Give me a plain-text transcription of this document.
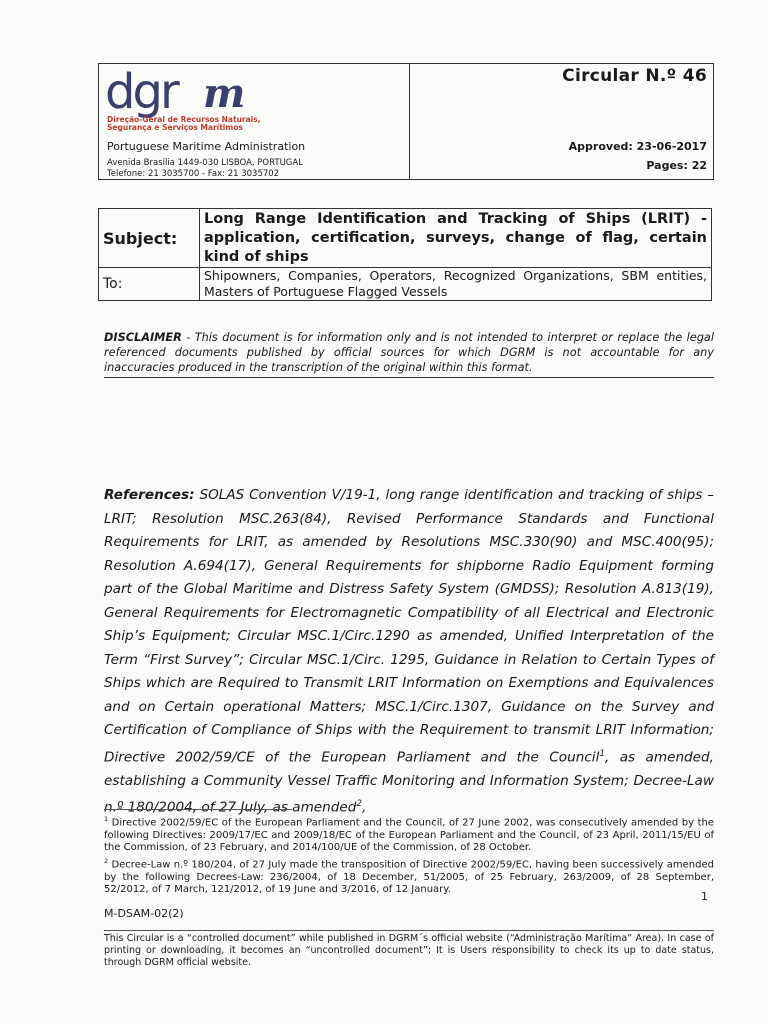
dgr m
Direção-Geral de Recursos Naturais,
Segurança e Serviços Marítimos
Portuguese Maritime Administration
Avenida Brasília 1449-030 LISBOA, PORTUGAL
Telefone: 21 3035700 - Fax: 21 3035702
Circular N.º 46
Approved: 23-06-2017
Pages: 22
Subject:	Long Range Identification and Tracking of Ships (LRIT) - application, certification, surveys, change of flag, certain kind of ships
To:	Shipowners, Companies, Operators, Recognized Organizations, SBM entities, Masters of Portuguese Flagged Vessels
DISCLAIMER - This document is for information only and is not intended to interpret or replace the legal referenced documents published by official sources for which DGRM is not accountable for any inaccuracies produced in the transcription of the original within this format.
References: SOLAS Convention V/19-1, long range identification and tracking of ships – LRIT; Resolution MSC.263(84), Revised Performance Standards and Functional Requirements for LRIT, as amended by Resolutions MSC.330(90) and MSC.400(95); Resolution A.694(17), General Requirements for shipborne Radio Equipment forming part of the Global Maritime and Distress Safety System (GMDSS); Resolution A.813(19), General Requirements for Electromagnetic Compatibility of all Electrical and Electronic Ship’s Equipment; Circular MSC.1/Circ.1290 as amended, Unified Interpretation of the Term “First Survey”; Circular MSC.1/Circ. 1295, Guidance in Relation to Certain Types of Ships which are Required to Transmit LRIT Information on Exemptions and Equivalences and on Certain operational Matters; MSC.1/Circ.1307, Guidance on the Survey and Certification of Compliance of Ships with the Requirement to transmit LRIT Information; Directive 2002/59/CE of the European Parliament and the Council$^1$, as amended, establishing a Community Vessel Traffic Monitoring and Information System; Decree-Law n.º 180/2004, of 27 July, as amended$^2$,

$^1$ Directive 2002/59/EC of the European Parliament and the Council, of 27 June 2002, was consecutively amended by the following Directives: 2009/17/EC and 2009/18/EC of the European Parliament and the Council, of 23 April, 2011/15/EU of the Commission, of 23 February, and 2014/100/UE of the Commission, of 28 October.

$^2$ Decree-Law n.º 180/204, of 27 July made the transposition of Directive 2002/59/EC, having been successively amended by the following Decrees-Law: 236/2004, of 18 December, 51/2005, of 25 February, 263/2009, of 28 September, 52/2012, of 7 March, 121/2012, of 19 June and 3/2016, of 12 January.

1
M-DSAM-02(2)
This Circular is a “controlled document” while published in DGRM´s official website (“Administração Marítima” Area). In case of printing or downloading, it becomes an “uncontrolled document”; It is Users responsibility to check its up to date status, through DGRM official website.
